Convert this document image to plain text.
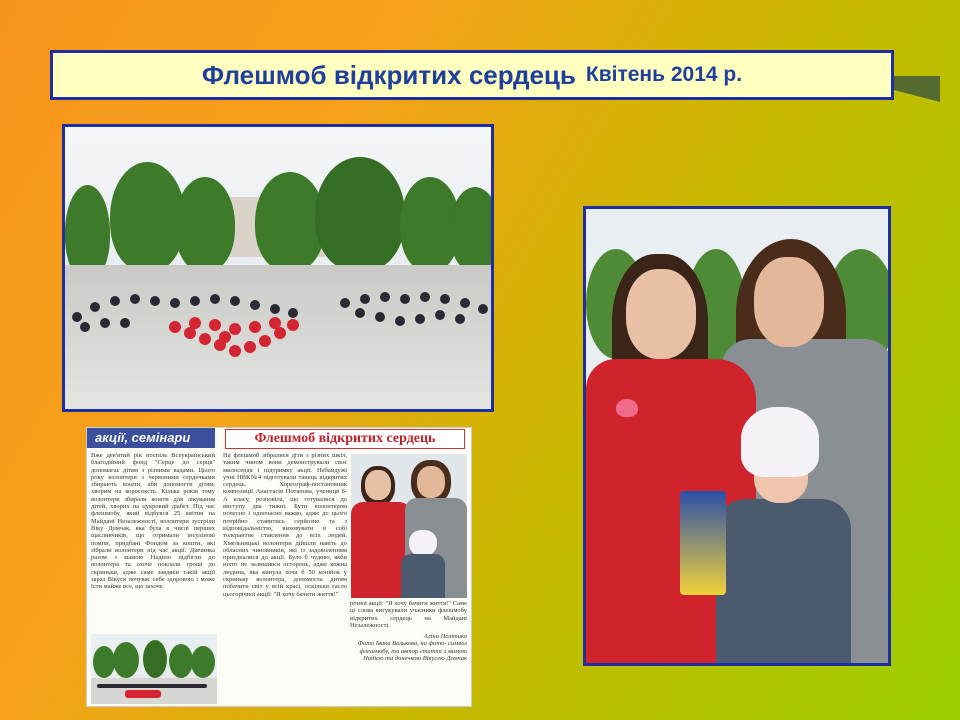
Флешмоб відкритих сердець Квітень 2014 р.
акції, семінари	Флешмоб відкритих сердець
Вже дев'ятий рік поспіль Всеукраїнський благодійний фонд "Серце до серця" допомагає дітям з різними вадами. Цього року волонтери з червоними сердечками збирають кошти, аби допомогти дітям, хворим на коросоксть. Кілька років тому волонтери збирали кошти для лікування дітей, хворих на цукровий діабет. Під час флешмобу, який відбувся 25 квітня на Майдані Незалежності, волонтери зустріли Віку Домчак, яка була в числі перших щасливчиків, що отримали інсулінові помпи, придбані Фондом за кошти, які зібрали волонтери під час акції. Дівчинка разом з мамою Надією підбігли до волонтера та охоче поклали гроші до скриньки, адже саме завдяки такій акції зараз Вікуся почуває себе здоровою і може їсти майже все, що захоче.
На флешмоб зібралися діти з різних шкіл, таким чином вони демонстрували своє милосердя і підтримку акції. Небайдужі учні НВК№4 підготували танець відкритих сердець. Хореограф-постановник композиції Анастасія Потапова, учениця 8-А класу, розповіла, що готувалися до виступу два тижні. Бути волонтером почесно і одночасно важко, адже до цього потрібно ставитись серйозно та з відповідальністю, виховувати в собі толерантне ставлення до всіх людей. Хмельницькі волонтери дійшли навіть до обласних чиновників, які із задоволенням приєдналися до акції. Було б чудово, якби ніхто не залишився осторонь, адже кожна людина, яка кинула хоча б 50 копійок у скриньку волонтера, допомогла дитям побачити світ у всій красі, оскільки гасло цьогорічної акції: "Я хочу бачити життя!"
річної акції: "Я хочу бачити життя!" Саме ці слова вигукували учасники флешмобу відкритих сердець на Майдані Незалежності.
Аліна Політико
Фото Івана Валькова, на фото- символ флешмобу, та автор статті з мамою Надією та донечкою Вікусею Домчак
